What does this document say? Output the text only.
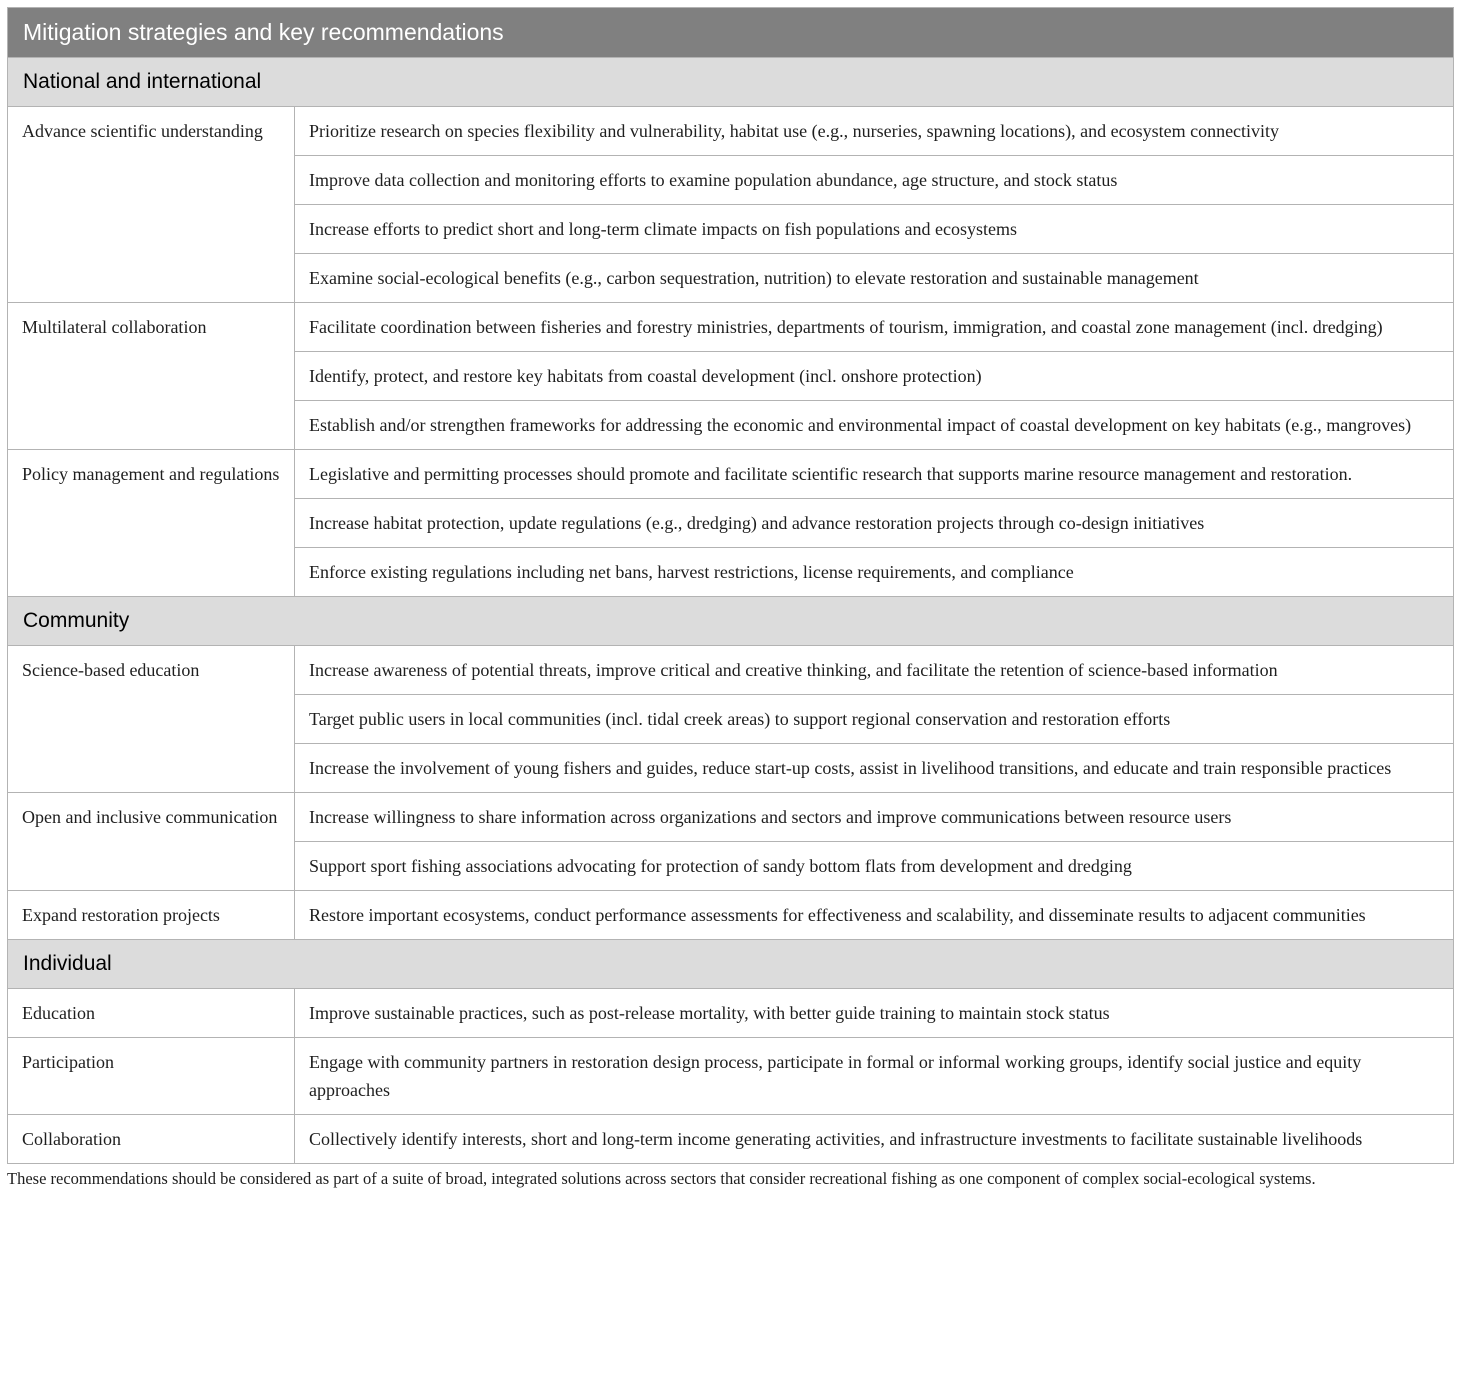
Mitigation strategies and key recommendations	
National and international	
Advance scientific understanding	Prioritize research on species flexibility and vulnerability, habitat use (e.g., nurseries, spawning locations), and ecosystem connectivity
	Improve data collection and monitoring efforts to examine population abundance, age structure, and stock status
	Increase efforts to predict short and long-term climate impacts on fish populations and ecosystems
	Examine social-ecological benefits (e.g., carbon sequestration, nutrition) to elevate restoration and sustainable management
Multilateral collaboration	Facilitate coordination between fisheries and forestry ministries, departments of tourism, immigration, and coastal zone management (incl. dredging)
	Identify, protect, and restore key habitats from coastal development (incl. onshore protection)
	Establish and/or strengthen frameworks for addressing the economic and environmental impact of coastal development on key habitats (e.g., mangroves)
Policy management and regulations	Legislative and permitting processes should promote and facilitate scientific research that supports marine resource management and restoration.
	Increase habitat protection, update regulations (e.g., dredging) and advance restoration projects through co-design initiatives
	Enforce existing regulations including net bans, harvest restrictions, license requirements, and compliance
Community	
Science-based education	Increase awareness of potential threats, improve critical and creative thinking, and facilitate the retention of science-based information
	Target public users in local communities (incl. tidal creek areas) to support regional conservation and restoration efforts
	Increase the involvement of young fishers and guides, reduce start-up costs, assist in livelihood transitions, and educate and train responsible practices
Open and inclusive communication	Increase willingness to share information across organizations and sectors and improve communications between resource users
	Support sport fishing associations advocating for protection of sandy bottom flats from development and dredging
Expand restoration projects	Restore important ecosystems, conduct performance assessments for effectiveness and scalability, and disseminate results to adjacent communities
Individual	
Education	Improve sustainable practices, such as post-release mortality, with better guide training to maintain stock status
Participation	Engage with community partners in restoration design process, participate in formal or informal working groups, identify social justice and equity approaches
Collaboration	Collectively identify interests, short and long-term income generating activities, and infrastructure investments to facilitate sustainable livelihoods
These recommendations should be considered as part of a suite of broad, integrated solutions across sectors that consider recreational fishing as one component of complex social-ecological systems.
